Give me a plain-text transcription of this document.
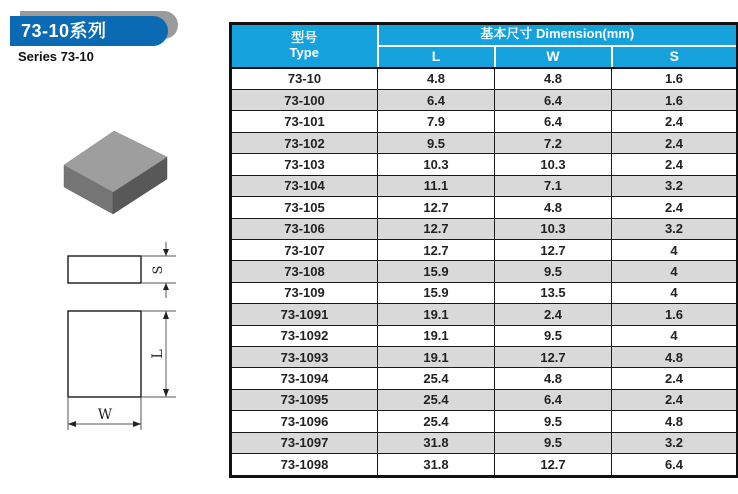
73-10系列
Series 73-10
S
L
W
型号
Type	基本尺寸 Dimension(mm)		
	L	W	S
73-10	4.8	4.8	1.6
73-100	6.4	6.4	1.6
73-101	7.9	6.4	2.4
73-102	9.5	7.2	2.4
73-103	10.3	10.3	2.4
73-104	11.1	7.1	3.2
73-105	12.7	4.8	2.4
73-106	12.7	10.3	3.2
73-107	12.7	12.7	4
73-108	15.9	9.5	4
73-109	15.9	13.5	4
73-1091	19.1	2.4	1.6
73-1092	19.1	9.5	4
73-1093	19.1	12.7	4.8
73-1094	25.4	4.8	2.4
73-1095	25.4	6.4	2.4
73-1096	25.4	9.5	4.8
73-1097	31.8	9.5	3.2
73-1098	31.8	12.7	6.4
